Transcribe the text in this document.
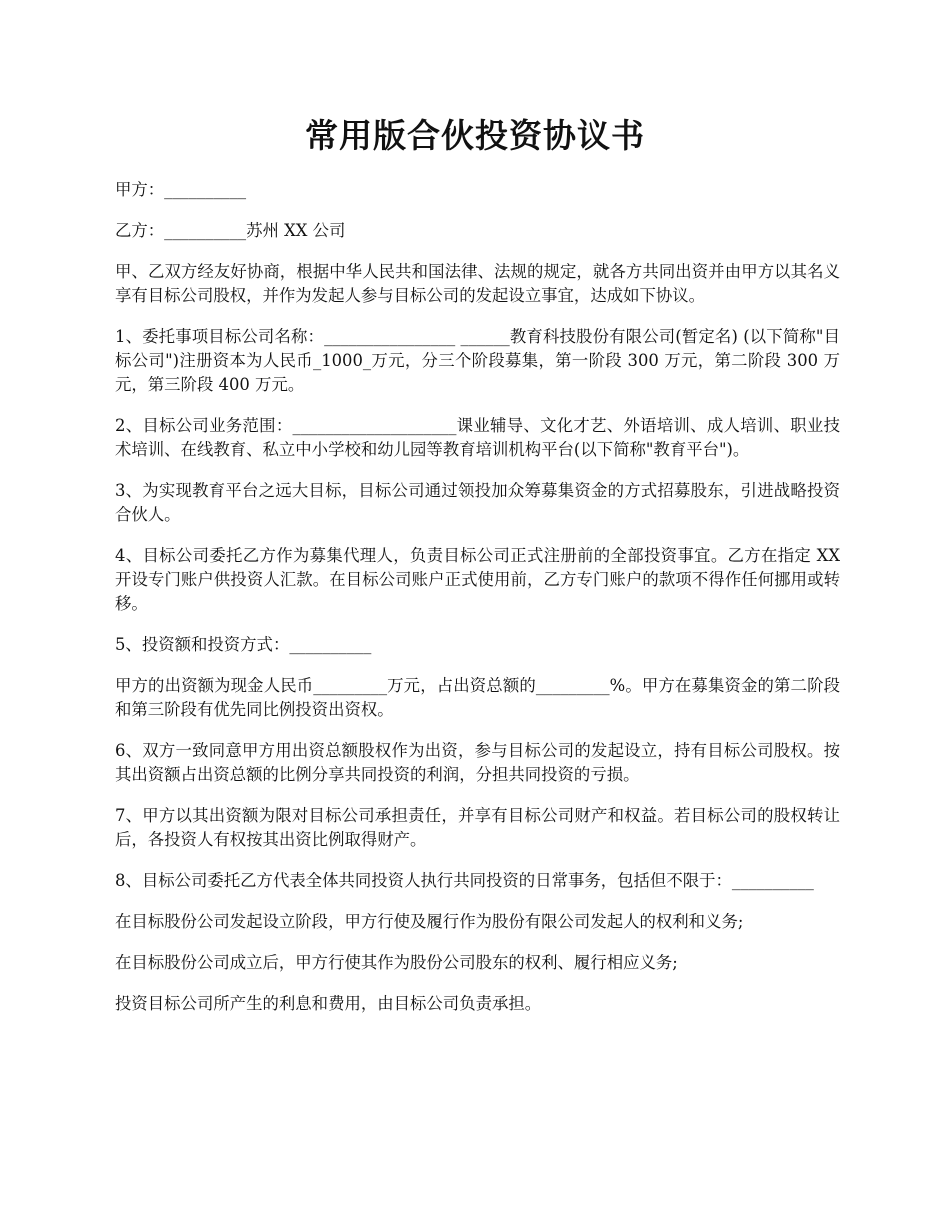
常用版合伙投资协议书

甲方：__________

乙方：__________苏州 XX 公司

甲、乙双方经友好协商，根据中华人民共和国法律、法规的规定，就各方共同出资并由甲方以其名义享有目标公司股权，并作为发起人参与目标公司的发起设立事宜，达成如下协议。

1、委托事项目标公司名称：________________ ______教育科技股份有限公司(暂定名) (以下简称"目标公司")注册资本为人民币_1000_万元，分三个阶段募集，第一阶段 300 万元，第二阶段 300 万元，第三阶段 400 万元。

2、目标公司业务范围：____________________课业辅导、文化才艺、外语培训、成人培训、职业技术培训、在线教育、私立中小学校和幼儿园等教育培训机构平台(以下简称"教育平台")。

3、为实现教育平台之远大目标，目标公司通过领投加众筹募集资金的方式招募股东，引进战略投资合伙人。

4、目标公司委托乙方作为募集代理人，负责目标公司正式注册前的全部投资事宜。乙方在指定 XX 开设专门账户供投资人汇款。在目标公司账户正式使用前，乙方专门账户的款项不得作任何挪用或转移。

5、投资额和投资方式：__________

甲方的出资额为现金人民币_________万元，占出资总额的_________%。甲方在募集资金的第二阶段和第三阶段有优先同比例投资出资权。

6、双方一致同意甲方用出资总额股权作为出资，参与目标公司的发起设立，持有目标公司股权。按其出资额占出资总额的比例分享共同投资的利润，分担共同投资的亏损。

7、甲方以其出资额为限对目标公司承担责任，并享有目标公司财产和权益。若目标公司的股权转让后，各投资人有权按其出资比例取得财产。

8、目标公司委托乙方代表全体共同投资人执行共同投资的日常事务，包括但不限于：__________

在目标股份公司发起设立阶段，甲方行使及履行作为股份有限公司发起人的权利和义务;

在目标股份公司成立后，甲方行使其作为股份公司股东的权利、履行相应义务;

投资目标公司所产生的利息和费用，由目标公司负责承担。
